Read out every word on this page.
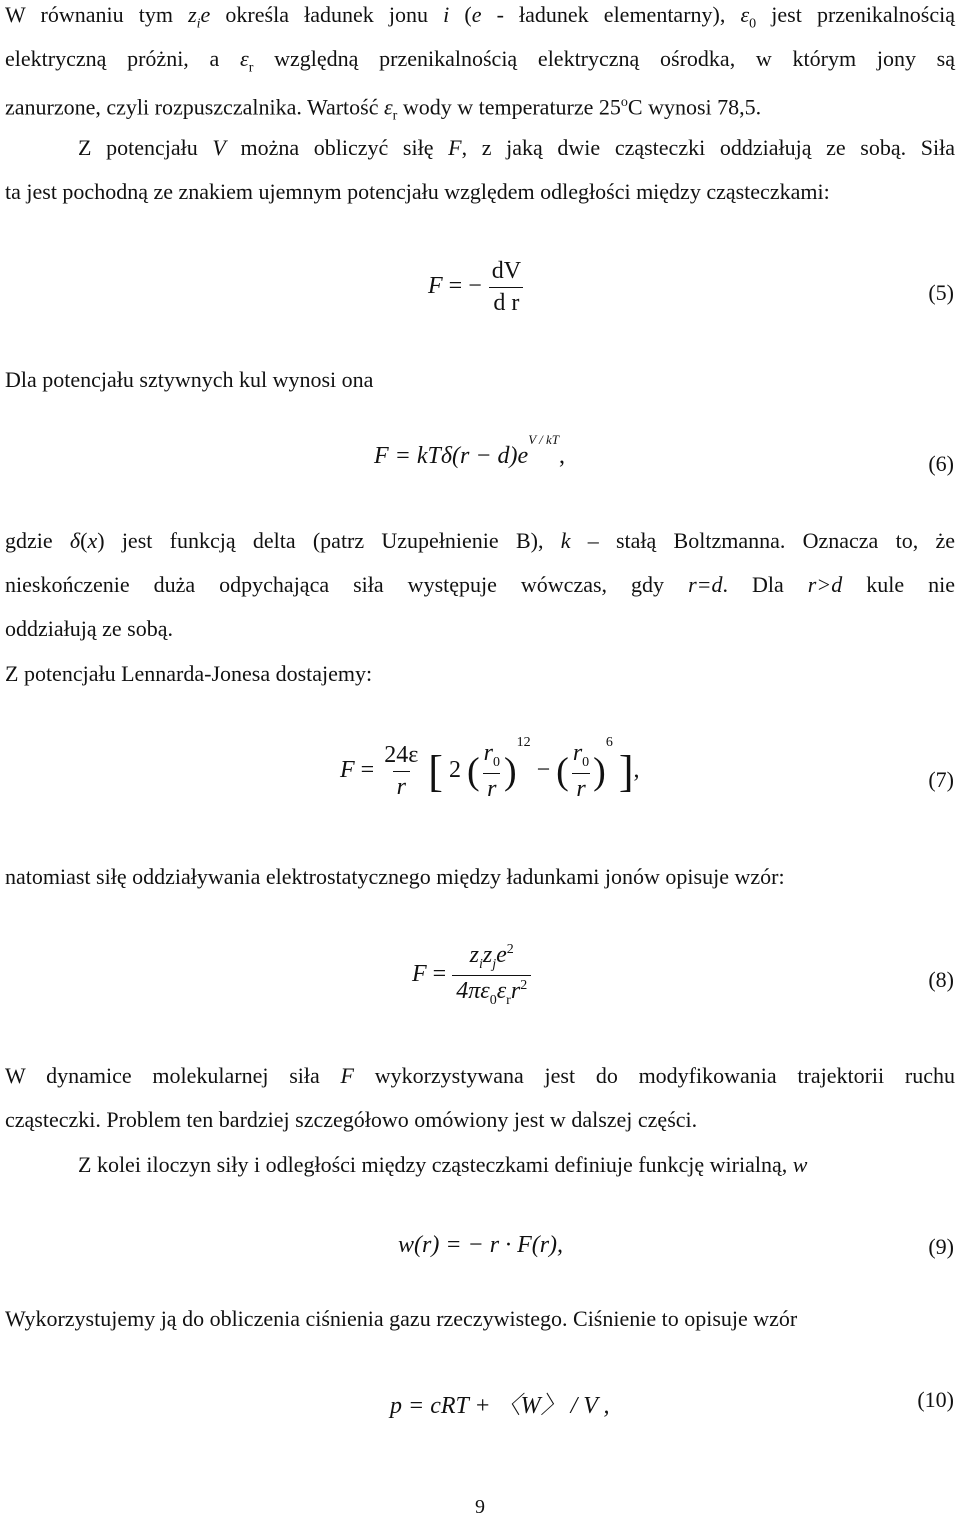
W równaniu tym $z_ie$ określa ładunek jonu i (e - ładunek elementarny), $\varepsilon_0$ jest przenikalnością
elektryczną próżni, a $\varepsilon_r$ względną przenikalnością elektryczną ośrodka, w którym jony są
zanurzone, czyli rozpuszczalnika. Wartość $\varepsilon_r$ wody w temperaturze 25$^o$C wynosi 78,5.
Z potencjału V można obliczyć siłę F, z jaką dwie cząsteczki oddziałują ze sobą. Siła
ta jest pochodną ze znakiem ujemnym potencjału względem odległości między cząsteczkami:
F = − $\frac{dV}{\text{d r}}$	(5)
Dla potencjału sztywnych kul wynosi ona
$F = kT\delta(r - d)e^{V / kT}$,	(6)
gdzie δ(x) jest funkcją delta (patrz Uzupełnienie B), k – stałą Boltzmanna. Oznacza to, że
nieskończenie duża odpychająca siła występuje wówczas, gdy r=d. Dla r>d kule nie
oddziałują ze sobą.
Z potencjału Lennarda-Jonesa dostajemy:
$F = \frac{24\varepsilon}{r}$ [ 2 ( $\frac{r_0}{r} )^{12}$ − ( $\frac{r_0}{r} )^6$ ],	(7)
natomiast siłę oddziaływania elektrostatycznego między ładunkami jonów opisuje wzór:
$F = \frac{z_iz_je^2}{4\pi\varepsilon_0\varepsilon_rr^2}$	(8)
W dynamice molekularnej siła F wykorzystywana jest do modyfikowania trajektorii ruchu
cząsteczki. Problem ten bardziej szczegółowo omówiony jest w dalszej części.
Z kolei iloczyn siły i odległości między cząsteczkami definiuje funkcję wirialną, w
w(r) = − r · F(r),	(9)
Wykorzystujemy ją do obliczenia ciśnienia gazu rzeczywistego. Ciśnienie to opisuje wzór
p = cRT + 〈W〉 / V ,	(10)
9
